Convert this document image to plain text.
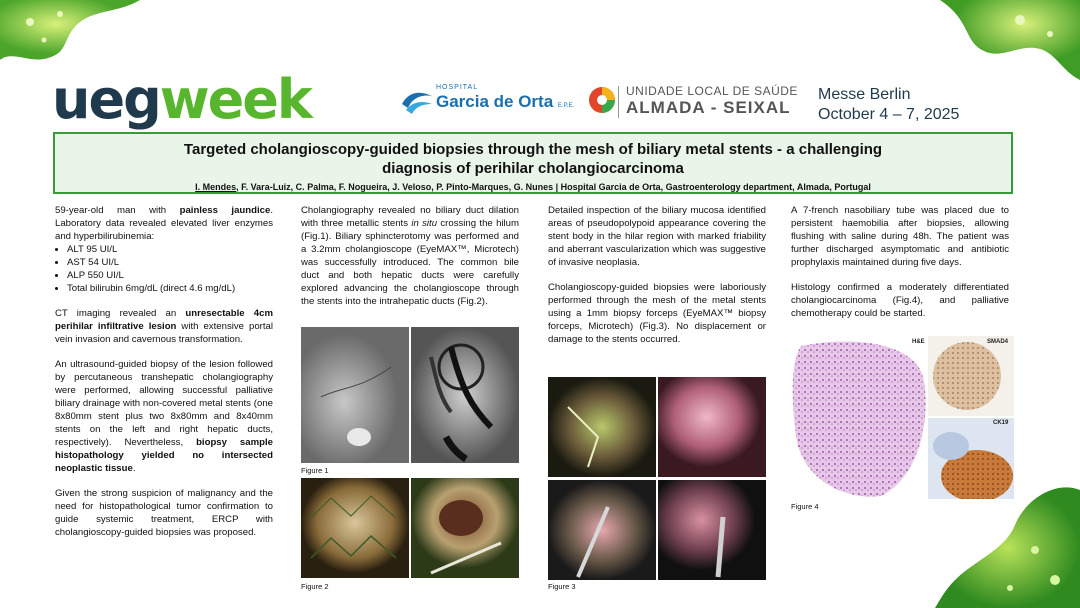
uegweek	HOSPITAL
Garcia de Orta E.P.E.
UNIDADE LOCAL DE SAÚDE
ALMADA - SEIXAL
Messe Berlin
October 4 – 7, 2025
Targeted cholangioscopy-guided biopsies through the mesh of biliary metal stents - a challenging diagnosis of perihilar cholangiocarcinoma
I. Mendes, F. Vara-Luiz, C. Palma, F. Nogueira, J. Veloso, P. Pinto-Marques, G. Nunes | Hospital Garcia de Orta, Gastroenterology department, Almada, Portugal

59-year-old man with painless jaundice. Laboratory data revealed elevated liver enzymes and hyperbilirubinemia:

• ALT 95 UI/L
• AST 54 UI/L
• ALP 550 UI/L
• Total bilirubin 6mg/dL (direct 4.6 mg/dL)

CT imaging revealed an unresectable 4cm perihilar infiltrative lesion with extensive portal vein invasion and cavernous transformation.

An ultrasound-guided biopsy of the lesion followed by percutaneous transhepatic cholangiography were performed, allowing successful palliative biliary drainage with non-covered metal stents (one 8x80mm stent plus two 8x80mm and 8x40mm stents on the left and right hepatic ducts, respectively). Nevertheless, biopsy sample histopathology yielded no intersected neoplastic tissue.

Given the strong suspicion of malignancy and the need for histopathological tumor confirmation to guide systemic treatment, ERCP with cholangioscopy-guided biopsies was proposed.

Cholangiography revealed no biliary duct dilation with three metallic stents in situ crossing the hilum (Fig.1). Biliary sphincterotomy was performed and a 3.2mm cholangioscope (EyeMAX™, Microtech) was successfully introduced. The common bile duct and both hepatic ducts were carefully explored advancing the cholangioscope through the stents into the intrahepatic ducts (Fig.2).

Figure 1
Figure 2

Detailed inspection of the biliary mucosa identified areas of pseudopolypoid appearance covering the stent body in the hilar region with marked friability and aberrant vascularization which was suggestive of invasive neoplasia.

Cholangioscopy-guided biopsies were laboriously performed through the mesh of the metal stents using a 1mm biopsy forceps (EyeMAX™ biopsy forceps, Microtech) (Fig.3). No displacement or damage to the stents occurred.

Figure 3

A 7-french nasobiliary tube was placed due to persistent haemobilia after biopsies, allowing flushing with saline during 48h. The patient was further discharged asymptomatic and antibiotic prophylaxis maintained during five days.

Histology confirmed a moderately differentiated cholangiocarcinoma (Fig.4), and palliative chemotherapy could be started.

H&E	SMAD4
CK19
Figure 4
